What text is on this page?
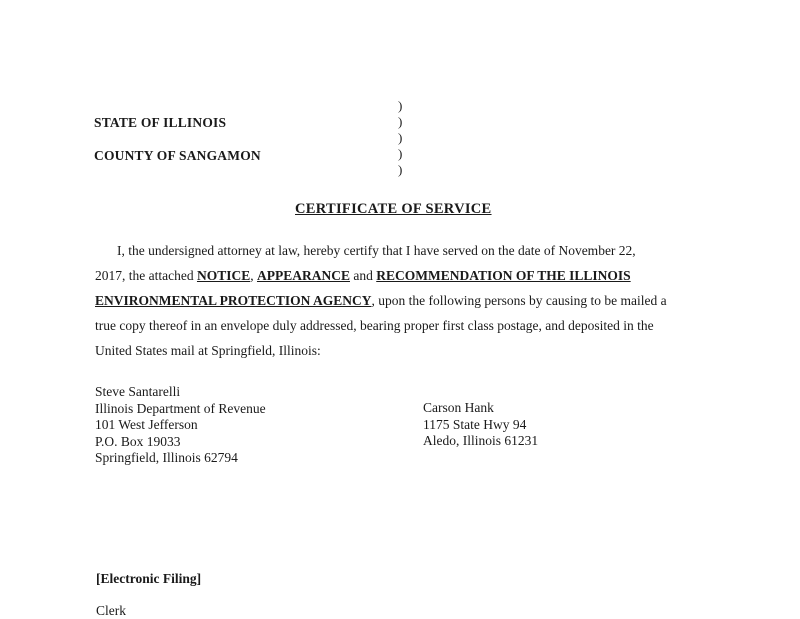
STATE OF ILLINOIS
COUNTY OF SANGAMON
)
)
)
)
)
CERTIFICATE OF SERVICE
I, the undersigned attorney at law, hereby certify that I have served on the date of November 22,
2017, the attached NOTICE, APPEARANCE and RECOMMENDATION OF THE ILLINOIS
ENVIRONMENTAL PROTECTION AGENCY, upon the following persons by causing to be mailed a
true copy thereof in an envelope duly addressed, bearing proper first class postage, and deposited in the
United States mail at Springfield, Illinois:
Steve Santarelli
Illinois Department of Revenue
101 West Jefferson
P.O. Box 19033
Springfield, Illinois 62794
Carson Hank
1175 State Hwy 94
Aledo, Illinois 61231
[Electronic Filing]
Clerk
